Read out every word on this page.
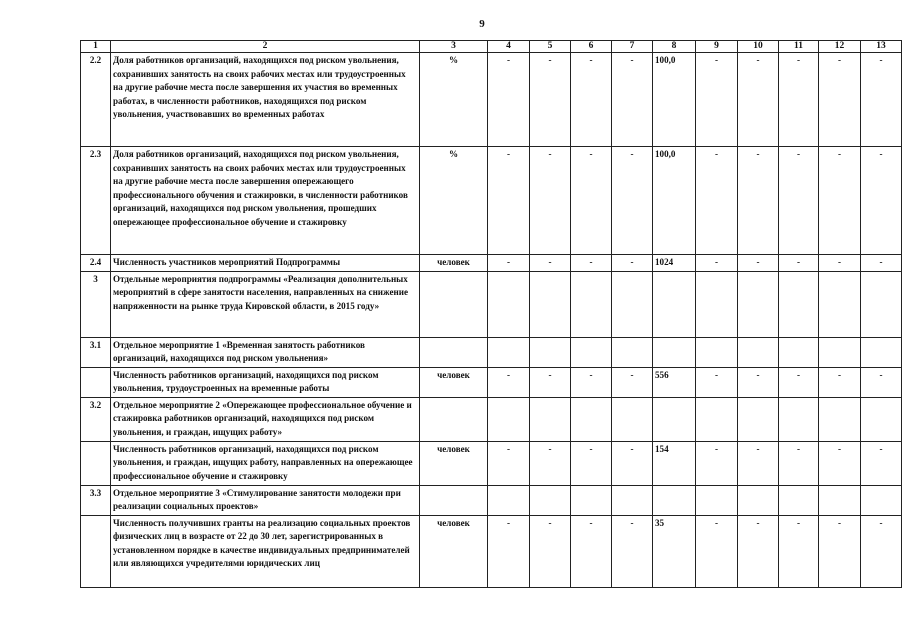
9
1	2	3	4	5	6	7	8	9	10	11	12	13
2.2	Доля работников организаций, находящихся под риском увольнения, сохранивших занятость на своих рабочих местах или трудоустроенных на другие рабочие места после завершения их участия во временных работах, в численности работников, находящихся под риском увольнения, участвовавших во временных работах	%	-	-	-	-	100,0	-	-	-	-	-
2.3	Доля работников организаций, находящихся под риском увольнения, сохранивших занятость на своих рабочих местах или трудоустроенных на другие рабочие места после завершения опережающего профессионального обучения и стажировки, в численности работников организаций, находящихся под риском увольнения, прошедших опережающее профессиональное обучение и стажировку	%	-	-	-	-	100,0	-	-	-	-	-
2.4	Численность участников мероприятий Подпрограммы	человек	-	-	-	-	1024	-	-	-	-	-
3	Отдельные мероприятия подпрограммы «Реализация дополнительных мероприятий в сфере занятости населения, направленных на снижение напряженности на рынке труда Кировской области, в 2015 году»											
3.1	Отдельное мероприятие 1 «Временная занятость работников организаций, находящихся под риском увольнения»											
	Численность работников организаций, находящихся под риском увольнения, трудоустроенных на временные работы	человек	-	-	-	-	556	-	-	-	-	-
3.2	Отдельное мероприятие 2 «Опережающее профессиональное обучение и стажировка работников организаций, находящихся под риском увольнения, и граждан, ищущих работу»											
	Численность работников организаций, находящихся под риском увольнения, и граждан, ищущих работу, направленных на опережающее профессиональное обучение и стажировку	человек	-	-	-	-	154	-	-	-	-	-
3.3	Отдельное мероприятие 3 «Стимулирование занятости молодежи при реализации социальных проектов»											
	Численность получивших гранты на реализацию социальных проектов физических лиц в возрасте от 22 до 30 лет, зарегистрированных в установленном порядке в качестве индивидуальных предпринимателей или являющихся учредителями юридических лиц	человек	-	-	-	-	35	-	-	-	-	-
